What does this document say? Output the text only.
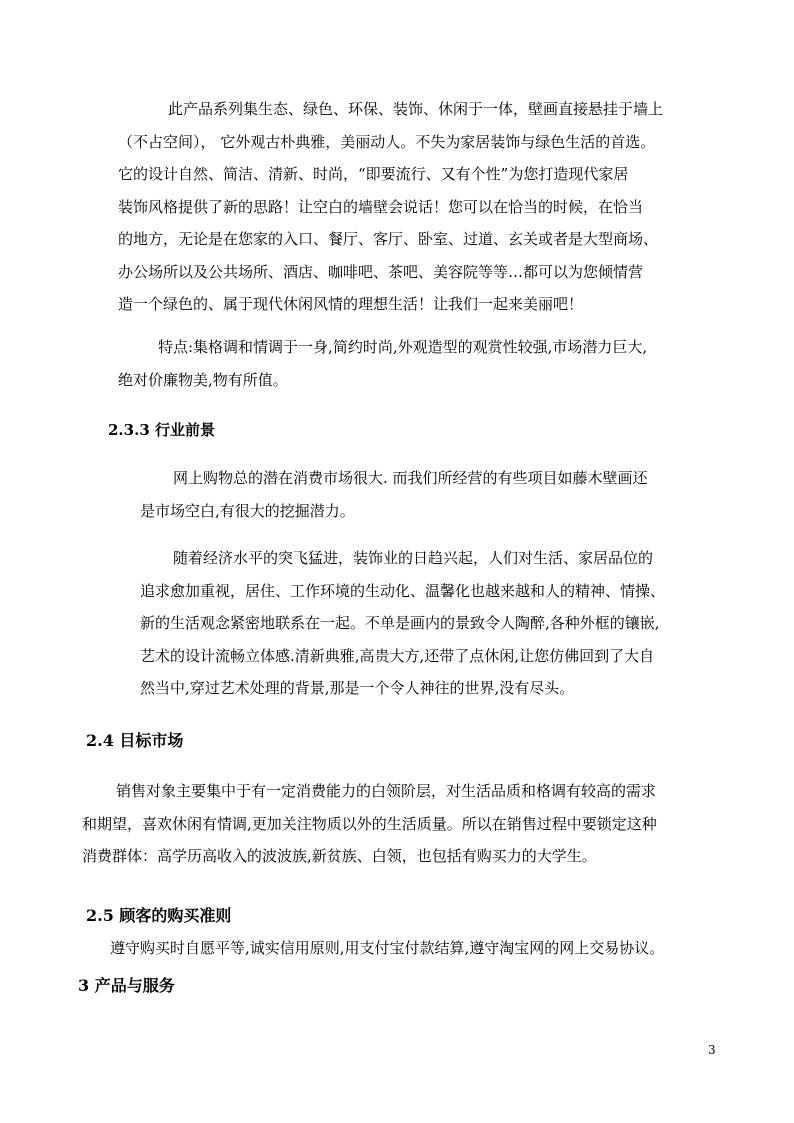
此产品系列集生态、绿色、环保、装饰、休闲于一体，壁画直接悬挂于墙上
（不占空间）， 它外观古朴典雅，美丽动人。不失为家居装饰与绿色生活的首选。
它的设计自然、简洁、清新、时尚，“即要流行、又有个性”为您打造现代家居
装饰风格提供了新的思路！让空白的墙壁会说话！您可以在恰当的时候，在恰当
的地方，无论是在您家的入口、餐厅、客厅、卧室、过道、玄关或者是大型商场、
办公场所以及公共场所、酒店、咖啡吧、茶吧、美容院等等…都可以为您倾情营
造一个绿色的、属于现代休闲风情的理想生活！让我们一起来美丽吧！
特点:集格调和情调于一身,简约时尚,外观造型的观赏性较强,市场潜力巨大,
绝对价廉物美,物有所值。
2.3.3 行业前景
网上购物总的潜在消费市场很大. 而我们所经营的有些项目如藤木壁画还
是市场空白,有很大的挖掘潜力。
随着经济水平的突飞猛进，装饰业的日趋兴起，人们对生活、家居品位的
追求愈加重视，居住、工作环境的生动化、温馨化也越来越和人的精神、情操、
新的生活观念紧密地联系在一起。不单是画内的景致令人陶醉,各种外框的镶嵌,
艺术的设计流畅立体感.清新典雅,高贵大方,还带了点休闲,让您仿佛回到了大自
然当中,穿过艺术处理的背景,那是一个令人神往的世界,没有尽头。
2.4 目标市场
销售对象主要集中于有一定消费能力的白领阶层，对生活品质和格调有较高的需求
和期望，喜欢休闲有情调,更加关注物质以外的生活质量。所以在销售过程中要锁定这种
消费群体：高学历高收入的波波族,新贫族、白领，也包括有购买力的大学生。
2.5 顾客的购买准则
遵守购买时自愿平等,诚实信用原则,用支付宝付款结算,遵守淘宝网的网上交易协议。
3 产品与服务
3
